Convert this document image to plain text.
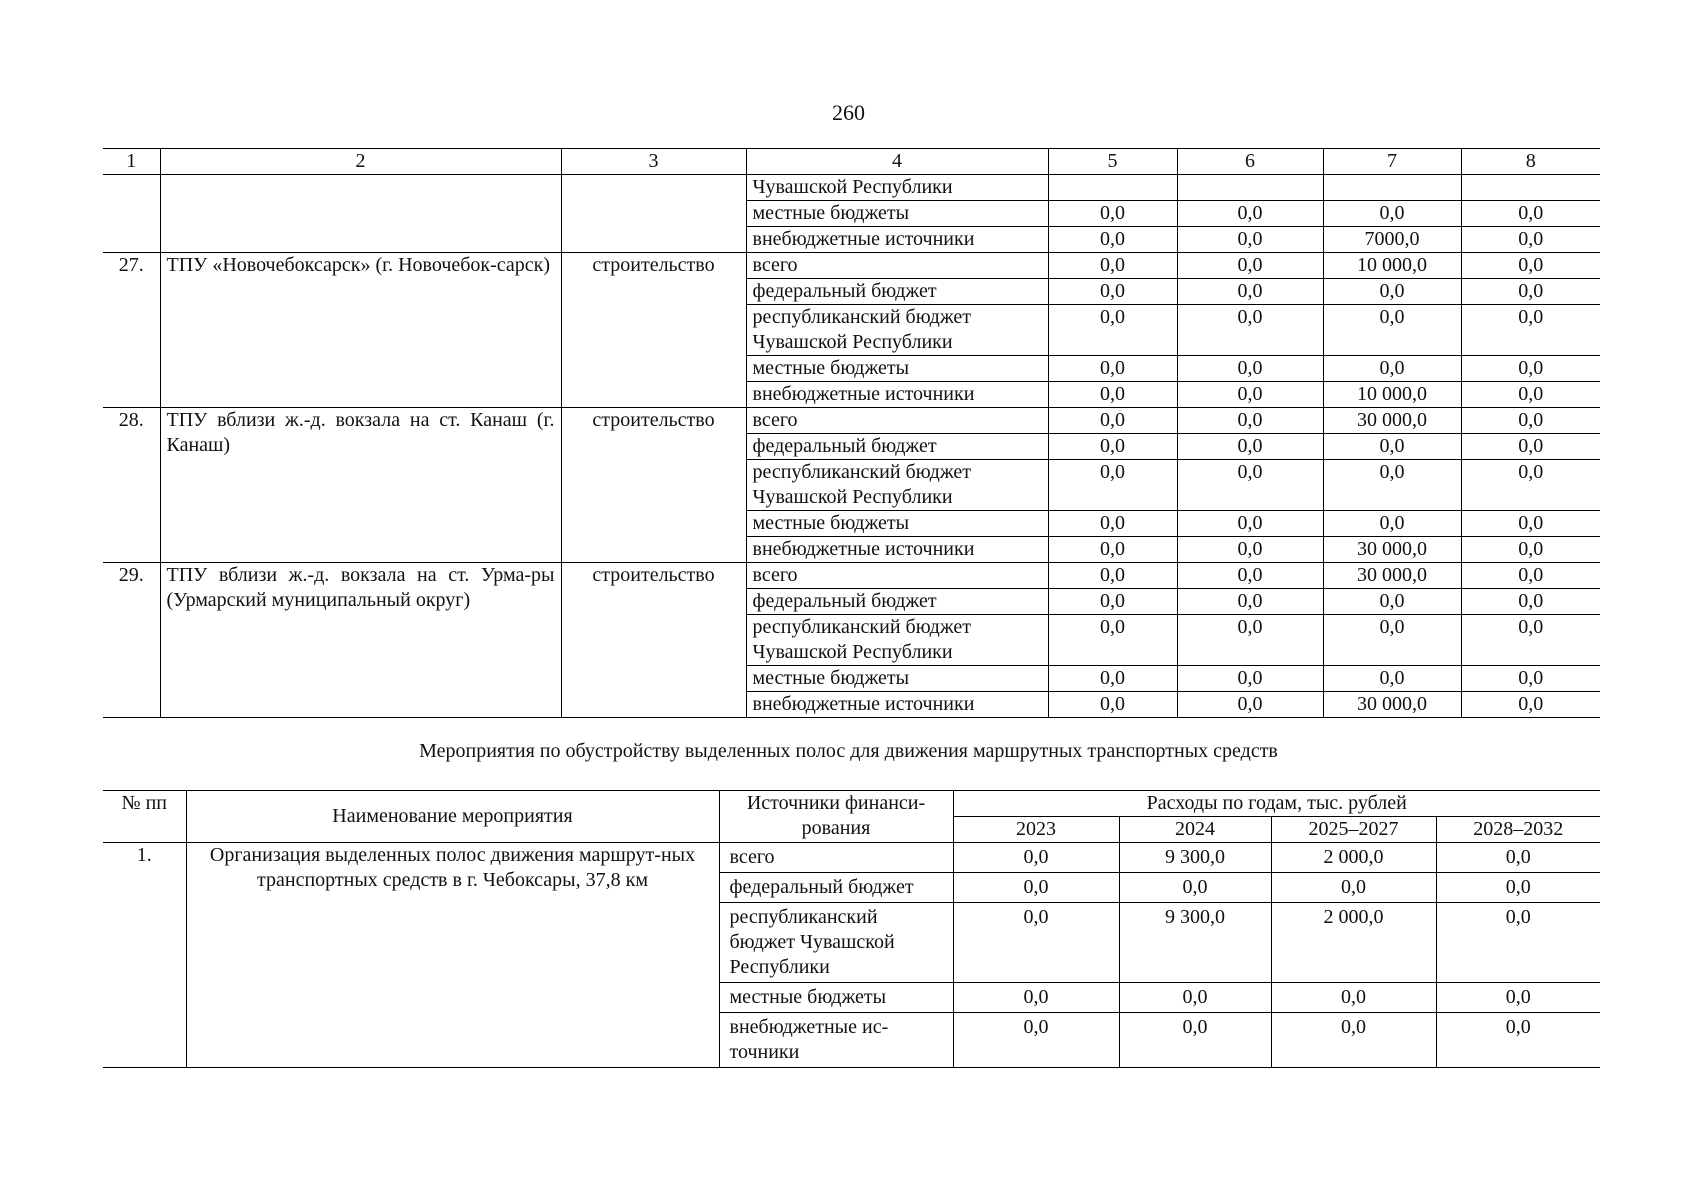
260
1	2	3	4	5	6	7	8
			Чувашской Республики				
			местные бюджеты	0,0	0,0	0,0	0,0
			внебюджетные источники	0,0	0,0	7000,0	0,0
27.	ТПУ «Новочебоксарск» (г. Новочебок-сарск)	строительство	всего	0,0	0,0	10 000,0	0,0
			федеральный бюджет	0,0	0,0	0,0	0,0
			республиканский бюджет Чувашской Республики	0,0	0,0	0,0	0,0
			местные бюджеты	0,0	0,0	0,0	0,0
			внебюджетные источники	0,0	0,0	10 000,0	0,0
28.	ТПУ вблизи ж.-д. вокзала на ст. Канаш (г. Канаш)	строительство	всего	0,0	0,0	30 000,0	0,0
			федеральный бюджет	0,0	0,0	0,0	0,0
			республиканский бюджет Чувашской Республики	0,0	0,0	0,0	0,0
			местные бюджеты	0,0	0,0	0,0	0,0
			внебюджетные источники	0,0	0,0	30 000,0	0,0
29.	ТПУ вблизи ж.-д. вокзала на ст. Урма-ры (Урмарский муниципальный округ)	строительство	всего	0,0	0,0	30 000,0	0,0
			федеральный бюджет	0,0	0,0	0,0	0,0
			республиканский бюджет Чувашской Республики	0,0	0,0	0,0	0,0
			местные бюджеты	0,0	0,0	0,0	0,0
			внебюджетные источники	0,0	0,0	30 000,0	0,0
Мероприятия по обустройству выделенных полос для движения маршрутных транспортных средств
№ пп	Наименование мероприятия	Источники финанси-рования	Расходы по годам, тыс. рублей			
			2023	2024	2025–2027	2028–2032
1.	Организация выделенных полос движения маршрут-ных транспортных средств в г. Чебоксары, 37,8 км	всего	0,0	9 300,0	2 000,0	0,0
		федеральный бюджет	0,0	0,0	0,0	0,0
		республиканский бюджет Чувашской Республики	0,0	9 300,0	2 000,0	0,0
		местные бюджеты	0,0	0,0	0,0	0,0
		внебюджетные ис-точники	0,0	0,0	0,0	0,0
